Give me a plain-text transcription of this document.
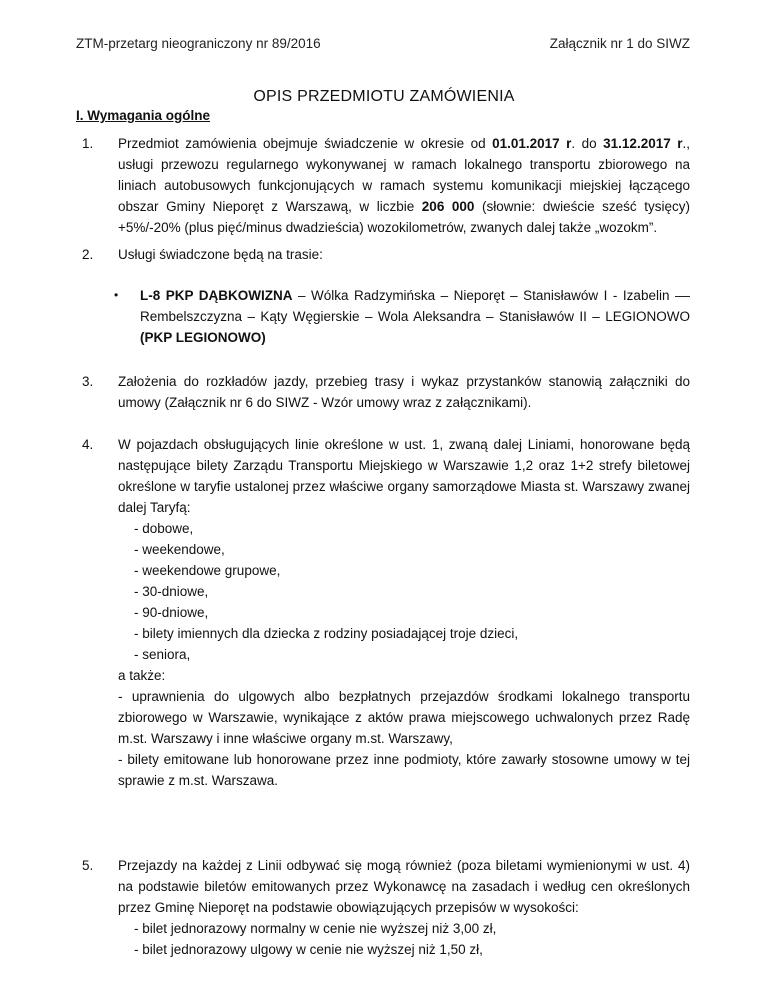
ZTM-przetarg nieograniczony nr 89/2016	Załącznik nr 1 do SIWZ
OPIS PRZEDMIOTU ZAMÓWIENIA
I. Wymagania ogólne
1. Przedmiot zamówienia obejmuje świadczenie w okresie od 01.01.2017 r. do 31.12.2017 r., usługi przewozu regularnego wykonywanej w ramach lokalnego transportu zbiorowego na liniach autobusowych funkcjonujących w ramach systemu komunikacji miejskiej łączącego obszar Gminy Nieporęt z Warszawą, w liczbie 206 000 (słownie: dwieście sześć tysięcy) +5%/-20% (plus pięć/minus dwadzieścia) wozokilometrów, zwanych dalej także „wozokm”.
2. Usługi świadczone będą na trasie:
• L-8 PKP DĄBKOWIZNA – Wólka Radzymińska – Nieporęt – Stanisławów I - Izabelin –– Rembelszczyzna – Kąty Węgierskie – Wola Aleksandra – Stanisławów II – LEGIONOWO (PKP LEGIONOWO)
3. Założenia do rozkładów jazdy, przebieg trasy i wykaz przystanków stanowią załączniki do umowy (Załącznik nr 6 do SIWZ - Wzór umowy wraz z załącznikami).
4. W pojazdach obsługujących linie określone w ust. 1, zwaną dalej Liniami, honorowane będą następujące bilety Zarządu Transportu Miejskiego w Warszawie 1,2 oraz 1+2 strefy biletowej określone w taryfie ustalonej przez właściwe organy samorządowe Miasta st. Warszawy zwanej dalej Taryfą:
- dobowe,
- weekendowe,
- weekendowe grupowe,
- 30-dniowe,
- 90-dniowe,
- bilety imiennych dla dziecka z rodziny posiadającej troje dzieci,
- seniora,
a także:
- uprawnienia do ulgowych albo bezpłatnych przejazdów środkami lokalnego transportu zbiorowego w Warszawie, wynikające z aktów prawa miejscowego uchwalonych przez Radę m.st. Warszawy i inne właściwe organy m.st. Warszawy,
- bilety emitowane lub honorowane przez inne podmioty, które zawarły stosowne umowy w tej sprawie z m.st. Warszawa.
5. Przejazdy na każdej z Linii odbywać się mogą również (poza biletami wymienionymi w ust. 4) na podstawie biletów emitowanych przez Wykonawcę na zasadach i według cen określonych przez Gminę Nieporęt na podstawie obowiązujących przepisów w wysokości:
- bilet jednorazowy normalny w cenie nie wyższej niż 3,00 zł,
- bilet jednorazowy ulgowy w cenie nie wyższej niż 1,50 zł,
